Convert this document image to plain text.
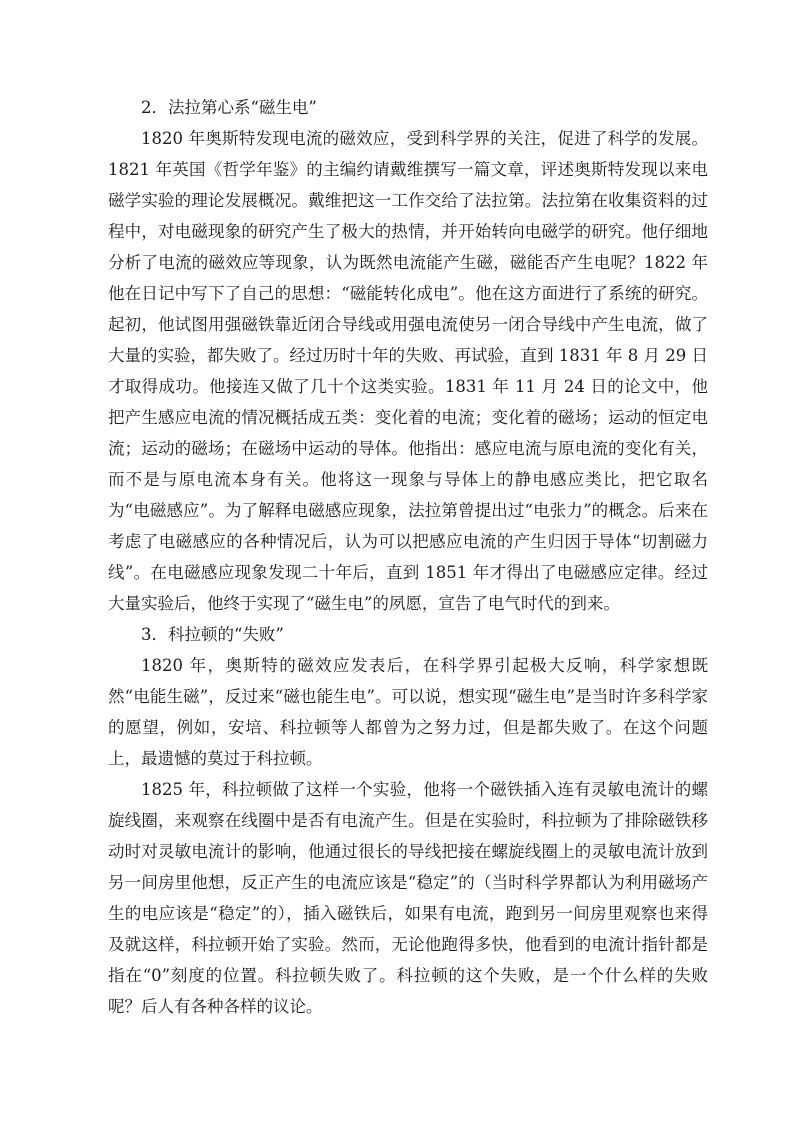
2．法拉第心系“磁生电”

1820 年奥斯特发现电流的磁效应，受到科学界的关注，促进了科学的发展。1821 年英国《哲学年鉴》的主编约请戴维撰写一篇文章，评述奥斯特发现以来电磁学实验的理论发展概况。戴维把这一工作交给了法拉第。法拉第在收集资料的过程中，对电磁现象的研究产生了极大的热情，并开始转向电磁学的研究。他仔细地分析了电流的磁效应等现象，认为既然电流能产生磁，磁能否产生电呢？1822 年他在日记中写下了自己的思想：“磁能转化成电”。他在这方面进行了系统的研究。起初，他试图用强磁铁靠近闭合导线或用强电流使另一闭合导线中产生电流，做了大量的实验，都失败了。经过历时十年的失败、再试验，直到 1831 年 8 月 29 日才取得成功。他接连又做了几十个这类实验。1831 年 11 月 24 日的论文中，他把产生感应电流的情况概括成五类：变化着的电流；变化着的磁场；运动的恒定电流；运动的磁场；在磁场中运动的导体。他指出：感应电流与原电流的变化有关，而不是与原电流本身有关。他将这一现象与导体上的静电感应类比，把它取名为“电磁感应”。为了解释电磁感应现象，法拉第曾提出过“电张力”的概念。后来在考虑了电磁感应的各种情况后，认为可以把感应电流的产生归因于导体“切割磁力线”。在电磁感应现象发现二十年后，直到 1851 年才得出了电磁感应定律。经过大量实验后，他终于实现了“磁生电”的夙愿，宣告了电气时代的到来。

3．科拉顿的“失败”

1820 年，奥斯特的磁效应发表后，在科学界引起极大反响，科学家想既然“电能生磁”，反过来“磁也能生电”。可以说，想实现“磁生电”是当时许多科学家的愿望，例如，安培、科拉顿等人都曾为之努力过，但是都失败了。在这个问题上，最遗憾的莫过于科拉顿。

1825 年，科拉顿做了这样一个实验，他将一个磁铁插入连有灵敏电流计的螺旋线圈，来观察在线圈中是否有电流产生。但是在实验时，科拉顿为了排除磁铁移动时对灵敏电流计的影响，他通过很长的导线把接在螺旋线圈上的灵敏电流计放到另一间房里他想，反正产生的电流应该是“稳定”的（当时科学界都认为利用磁场产生的电应该是“稳定”的），插入磁铁后，如果有电流，跑到另一间房里观察也来得及就这样，科拉顿开始了实验。然而，无论他跑得多快，他看到的电流计指针都是指在“0”刻度的位置。科拉顿失败了。科拉顿的这个失败，是一个什么样的失败呢？后人有各种各样的议论。
